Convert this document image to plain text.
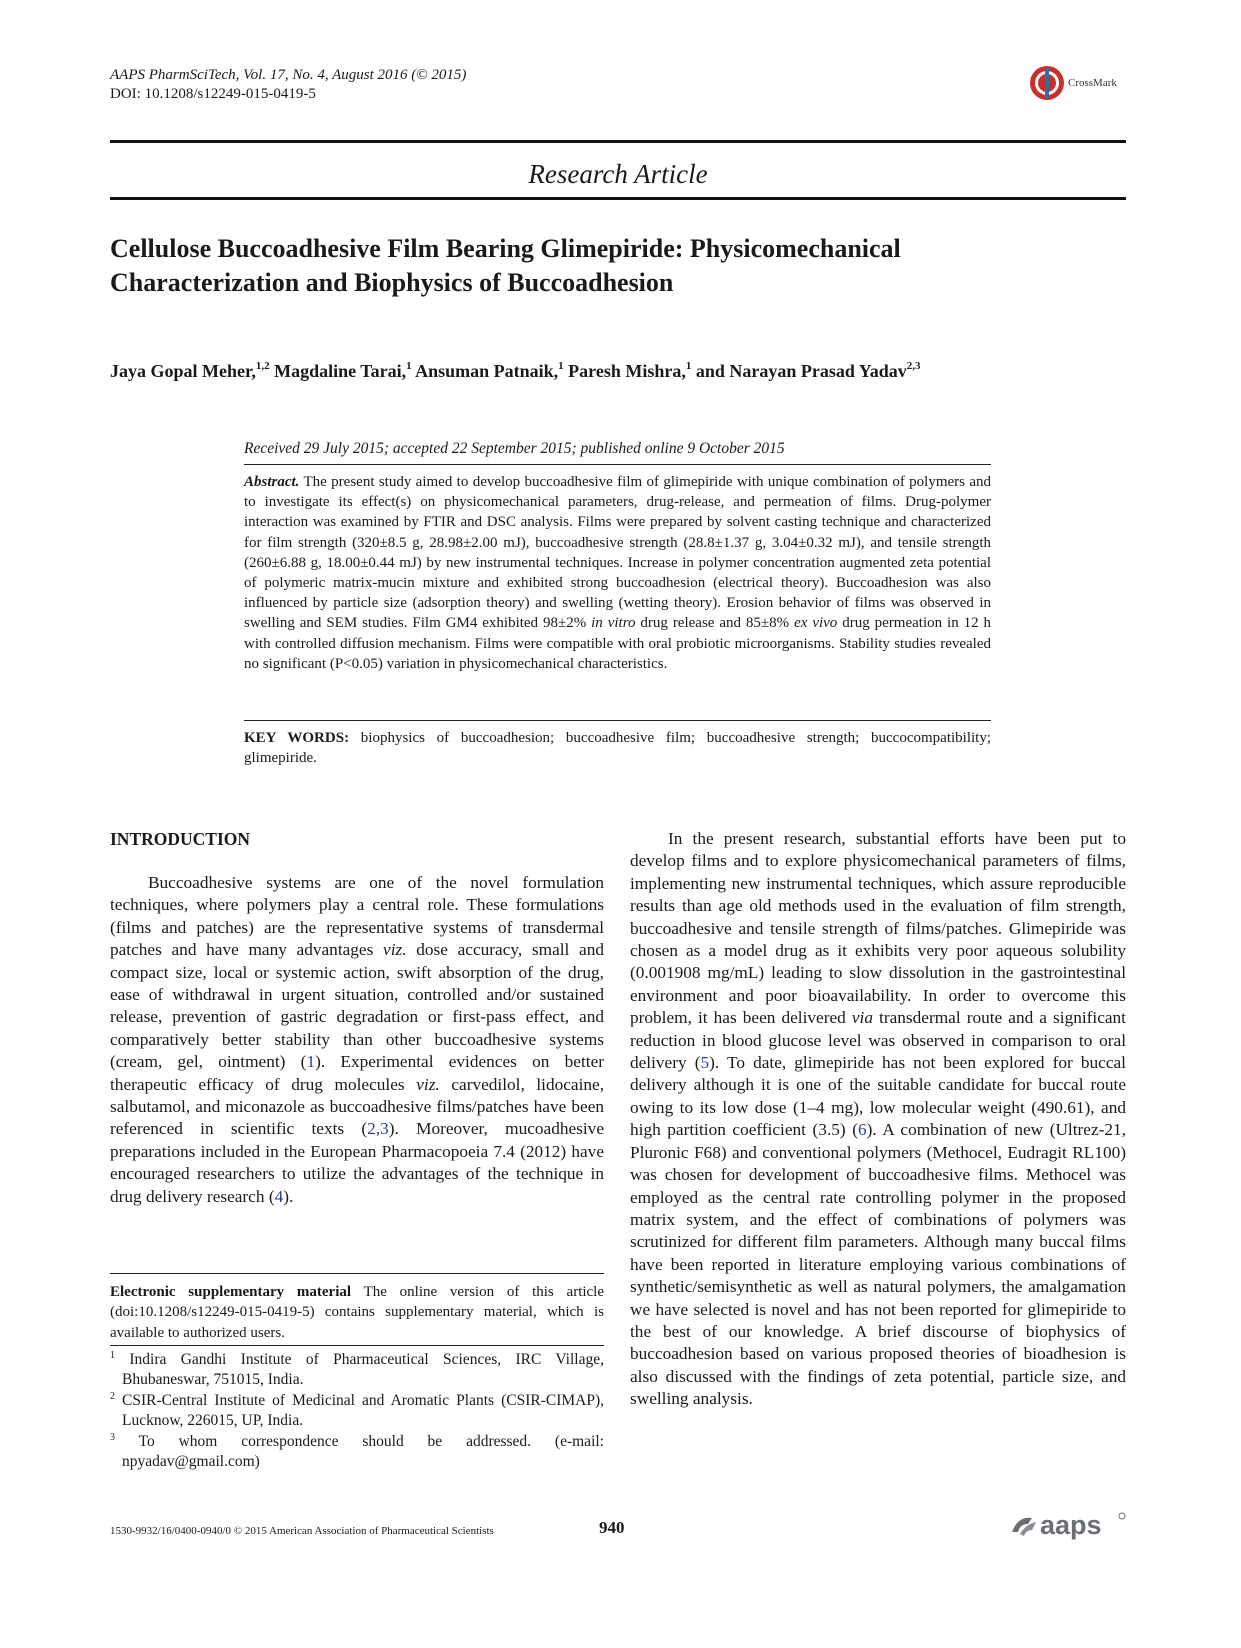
AAPS PharmSciTech, Vol. 17, No. 4, August 2016 (© 2015)
DOI: 10.1208/s12249-015-0419-5
CrossMark
Research Article
Cellulose Buccoadhesive Film Bearing Glimepiride: Physicomechanical
Characterization and Biophysics of Buccoadhesion
Jaya Gopal Meher,$^{1,2}$ Magdaline Tarai,$^1$ Ansuman Patnaik,$^1$ Paresh Mishra,$^1$ and Narayan Prasad Yadav$^{2,3}$
Received 29 July 2015; accepted 22 September 2015; published online 9 October 2015
Abstract. The present study aimed to develop buccoadhesive film of glimepiride with unique combination of polymers and to investigate its effect(s) on physicomechanical parameters, drug-release, and permeation of films. Drug-polymer interaction was examined by FTIR and DSC analysis. Films were prepared by solvent casting technique and characterized for film strength (320±8.5 g, 28.98±2.00 mJ), buccoadhesive strength (28.8±1.37 g, 3.04±0.32 mJ), and tensile strength (260±6.88 g, 18.00±0.44 mJ) by new instrumental techniques. Increase in polymer concentration augmented zeta potential of polymeric matrix-mucin mixture and exhibited strong buccoadhesion (electrical theory). Buccoadhesion was also influenced by particle size (adsorption theory) and swelling (wetting theory). Erosion behavior of films was observed in swelling and SEM studies. Film GM4 exhibited 98±2% in vitro drug release and 85±8% ex vivo drug permeation in 12 h with controlled diffusion mechanism. Films were compatible with oral probiotic microorganisms. Stability studies revealed no significant (P<0.05) variation in physicomechanical characteristics.
KEY WORDS: biophysics of buccoadhesion; buccoadhesive film; buccoadhesive strength; buccocompatibility; glimepiride.
INTRODUCTION
Buccoadhesive systems are one of the novel formulation techniques, where polymers play a central role. These formulations (films and patches) are the representative systems of transdermal patches and have many advantages viz. dose accuracy, small and compact size, local or systemic action, swift absorption of the drug, ease of withdrawal in urgent situation, controlled and/or sustained release, prevention of gastric degradation or first-pass effect, and comparatively better stability than other buccoadhesive systems (cream, gel, ointment) (1). Experimental evidences on better therapeutic efficacy of drug molecules viz. carvedilol, lidocaine, salbutamol, and miconazole as buccoadhesive films/patches have been referenced in scientific texts (2,3). Moreover, mucoadhesive preparations included in the European Pharmacopoeia 7.4 (2012) have encouraged researchers to utilize the advantages of the technique in drug delivery research (4).
Electronic supplementary material The online version of this article (doi:10.1208/s12249-015-0419-5) contains supplementary material, which is available to authorized users.
$^1$ Indira Gandhi Institute of Pharmaceutical Sciences, IRC Village, Bhubaneswar, 751015, India.
$^2$ CSIR-Central Institute of Medicinal and Aromatic Plants (CSIR-CIMAP), Lucknow, 226015, UP, India.
$^3$ To whom correspondence should be addressed. (e-mail: npyadav@gmail.com)
In the present research, substantial efforts have been put to develop films and to explore physicomechanical parameters of films, implementing new instrumental techniques, which assure reproducible results than age old methods used in the evaluation of film strength, buccoadhesive and tensile strength of films/patches. Glimepiride was chosen as a model drug as it exhibits very poor aqueous solubility (0.001908 mg/mL) leading to slow dissolution in the gastrointestinal environment and poor bioavailability. In order to overcome this problem, it has been delivered via transdermal route and a significant reduction in blood glucose level was observed in comparison to oral delivery (5). To date, glimepiride has not been explored for buccal delivery although it is one of the suitable candidate for buccal route owing to its low dose (1–4 mg), low molecular weight (490.61), and high partition coefficient (3.5) (6). A combination of new (Ultrez-21, Pluronic F68) and conventional polymers (Methocel, Eudragit RL100) was chosen for development of buccoadhesive films. Methocel was employed as the central rate controlling polymer in the proposed matrix system, and the effect of combinations of polymers was scrutinized for different film parameters. Although many buccal films have been reported in literature employing various combinations of synthetic/semisynthetic as well as natural polymers, the amalgamation we have selected is novel and has not been reported for glimepiride to the best of our knowledge. A brief discourse of biophysics of buccoadhesion based on various proposed theories of bioadhesion is also discussed with the findings of zeta potential, particle size, and swelling analysis.
1530-9932/16/0400-0940/0 © 2015 American Association of Pharmaceutical Scientists	940	aaps
